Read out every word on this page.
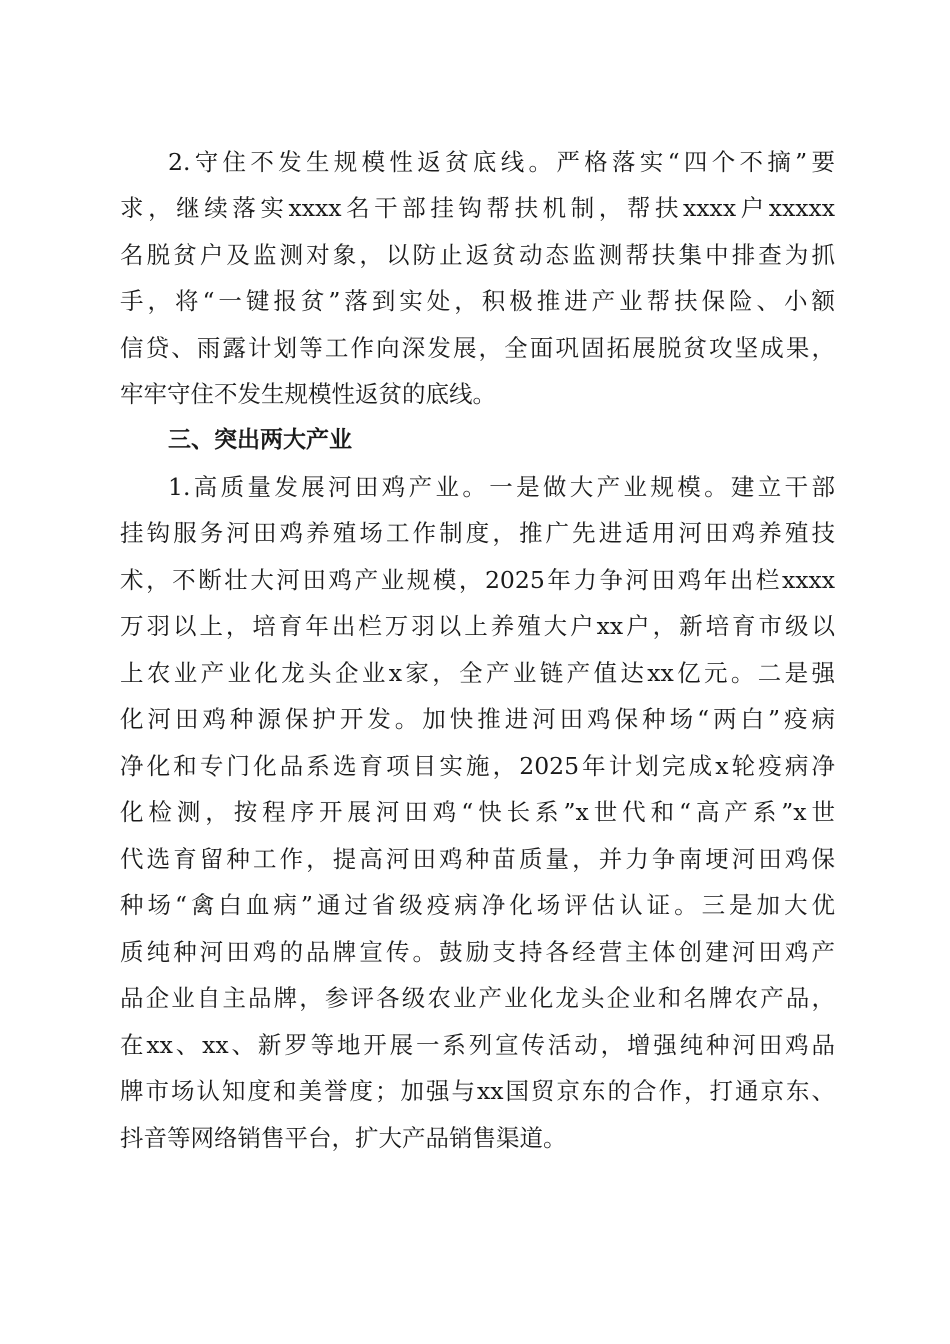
2.守住不发生规模性返贫底线。严格落实“四个不摘”要
求，继续落实xxxx名干部挂钩帮扶机制，帮扶xxxx户xxxxx
名脱贫户及监测对象，以防止返贫动态监测帮扶集中排查为抓
手，将“一键报贫”落到实处，积极推进产业帮扶保险、小额
信贷、雨露计划等工作向深发展，全面巩固拓展脱贫攻坚成果，
牢牢守住不发生规模性返贫的底线。
三、突出两大产业
1.高质量发展河田鸡产业。一是做大产业规模。建立干部
挂钩服务河田鸡养殖场工作制度，推广先进适用河田鸡养殖技
术，不断壮大河田鸡产业规模，2025年力争河田鸡年出栏xxxx
万羽以上，培育年出栏万羽以上养殖大户xx户，新培育市级以
上农业产业化龙头企业x家，全产业链产值达xx亿元。二是强
化河田鸡种源保护开发。加快推进河田鸡保种场“两白”疫病
净化和专门化品系选育项目实施，2025年计划完成x轮疫病净
化检测，按程序开展河田鸡“快长系”x世代和“高产系”x世
代选育留种工作，提高河田鸡种苗质量，并力争南埂河田鸡保
种场“禽白血病”通过省级疫病净化场评估认证。三是加大优
质纯种河田鸡的品牌宣传。鼓励支持各经营主体创建河田鸡产
品企业自主品牌，参评各级农业产业化龙头企业和名牌农产品，
在xx、xx、新罗等地开展一系列宣传活动，增强纯种河田鸡品
牌市场认知度和美誉度；加强与xx国贸京东的合作，打通京东、
抖音等网络销售平台，扩大产品销售渠道。
